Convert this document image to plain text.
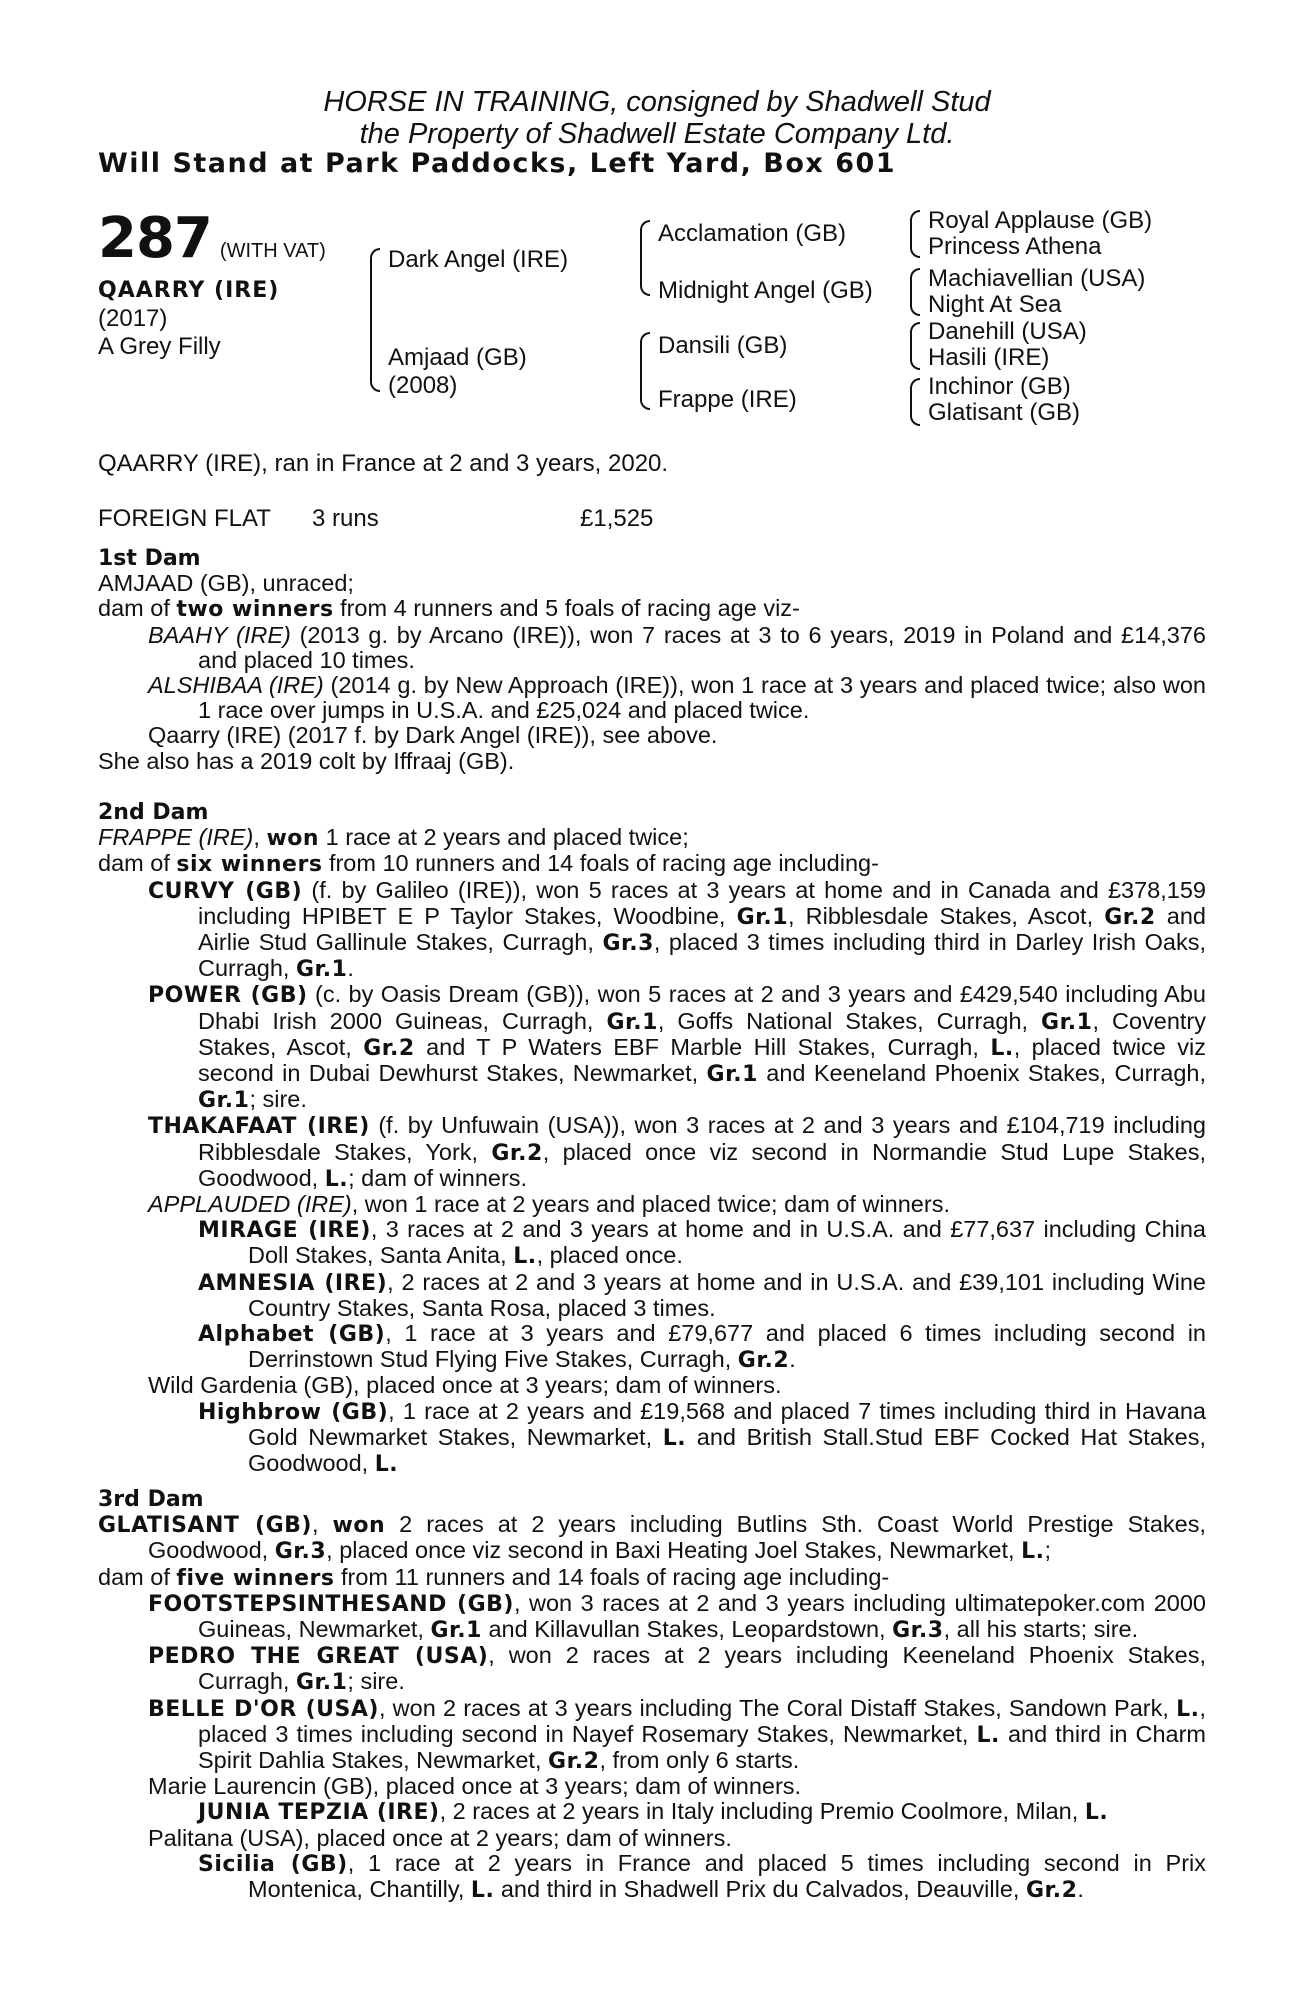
HORSE IN TRAINING, consigned by Shadwell Stud
the Property of Shadwell Estate Company Ltd.
Will Stand at Park Paddocks, Left Yard, Box 601
287 (WITH VAT)
QAARRY (IRE)
(2017)
A Grey Filly
Dark Angel (IRE)
Amjaad (GB)
(2008)
Acclamation (GB)
Midnight Angel (GB)
Dansili (GB)
Frappe (IRE)
Royal Applause (GB)
Princess Athena
Machiavellian (USA)
Night At Sea
Danehill (USA)
Hasili (IRE)
Inchinor (GB)
Glatisant (GB)
QAARRY (IRE), ran in France at 2 and 3 years, 2020.
FOREIGN FLAT 3 runs	£1,525

1st Dam

AMJAAD (GB), unraced;

dam of two winners from 4 runners and 5 foals of racing age viz-

BAAHY (IRE) (2013 g. by Arcano (IRE)), won 7 races at 3 to 6 years, 2019 in Poland and £14,376 and placed 10 times.

ALSHIBAA (IRE) (2014 g. by New Approach (IRE)), won 1 race at 3 years and placed twice; also won 1 race over jumps in U.S.A. and £25,024 and placed twice.

Qaarry (IRE) (2017 f. by Dark Angel (IRE)), see above.

She also has a 2019 colt by Iffraaj (GB).

2nd Dam

FRAPPE (IRE), won 1 race at 2 years and placed twice;

dam of six winners from 10 runners and 14 foals of racing age including-

CURVY (GB) (f. by Galileo (IRE)), won 5 races at 3 years at home and in Canada and £378,159 including HPIBET E P Taylor Stakes, Woodbine, Gr.1, Ribblesdale Stakes, Ascot, Gr.2 and Airlie Stud Gallinule Stakes, Curragh, Gr.3, placed 3 times including third in Darley Irish Oaks, Curragh, Gr.1.

POWER (GB) (c. by Oasis Dream (GB)), won 5 races at 2 and 3 years and £429,540 including Abu Dhabi Irish 2000 Guineas, Curragh, Gr.1, Goffs National Stakes, Curragh, Gr.1, Coventry Stakes, Ascot, Gr.2 and T P Waters EBF Marble Hill Stakes, Curragh, L., placed twice viz second in Dubai Dewhurst Stakes, Newmarket, Gr.1 and Keeneland Phoenix Stakes, Curragh, Gr.1; sire.

THAKAFAAT (IRE) (f. by Unfuwain (USA)), won 3 races at 2 and 3 years and £104,719 including Ribblesdale Stakes, York, Gr.2, placed once viz second in Normandie Stud Lupe Stakes, Goodwood, L.; dam of winners.

APPLAUDED (IRE), won 1 race at 2 years and placed twice; dam of winners.

MIRAGE (IRE), 3 races at 2 and 3 years at home and in U.S.A. and £77,637 including China Doll Stakes, Santa Anita, L., placed once.

AMNESIA (IRE), 2 races at 2 and 3 years at home and in U.S.A. and £39,101 including Wine Country Stakes, Santa Rosa, placed 3 times.

Alphabet (GB), 1 race at 3 years and £79,677 and placed 6 times including second in Derrinstown Stud Flying Five Stakes, Curragh, Gr.2.

Wild Gardenia (GB), placed once at 3 years; dam of winners.

Highbrow (GB), 1 race at 2 years and £19,568 and placed 7 times including third in Havana Gold Newmarket Stakes, Newmarket, L. and British Stall.Stud EBF Cocked Hat Stakes, Goodwood, L.

3rd Dam

GLATISANT (GB), won 2 races at 2 years including Butlins Sth. Coast World Prestige Stakes, Goodwood, Gr.3, placed once viz second in Baxi Heating Joel Stakes, Newmarket, L.;

dam of five winners from 11 runners and 14 foals of racing age including-

FOOTSTEPSINTHESAND (GB), won 3 races at 2 and 3 years including ultimatepoker.com 2000 Guineas, Newmarket, Gr.1 and Killavullan Stakes, Leopardstown, Gr.3, all his starts; sire.

PEDRO THE GREAT (USA), won 2 races at 2 years including Keeneland Phoenix Stakes, Curragh, Gr.1; sire.

BELLE D'OR (USA), won 2 races at 3 years including The Coral Distaff Stakes, Sandown Park, L., placed 3 times including second in Nayef Rosemary Stakes, Newmarket, L. and third in Charm Spirit Dahlia Stakes, Newmarket, Gr.2, from only 6 starts.

Marie Laurencin (GB), placed once at 3 years; dam of winners.

JUNIA TEPZIA (IRE), 2 races at 2 years in Italy including Premio Coolmore, Milan, L.

Palitana (USA), placed once at 2 years; dam of winners.

Sicilia (GB), 1 race at 2 years in France and placed 5 times including second in Prix Montenica, Chantilly, L. and third in Shadwell Prix du Calvados, Deauville, Gr.2.
